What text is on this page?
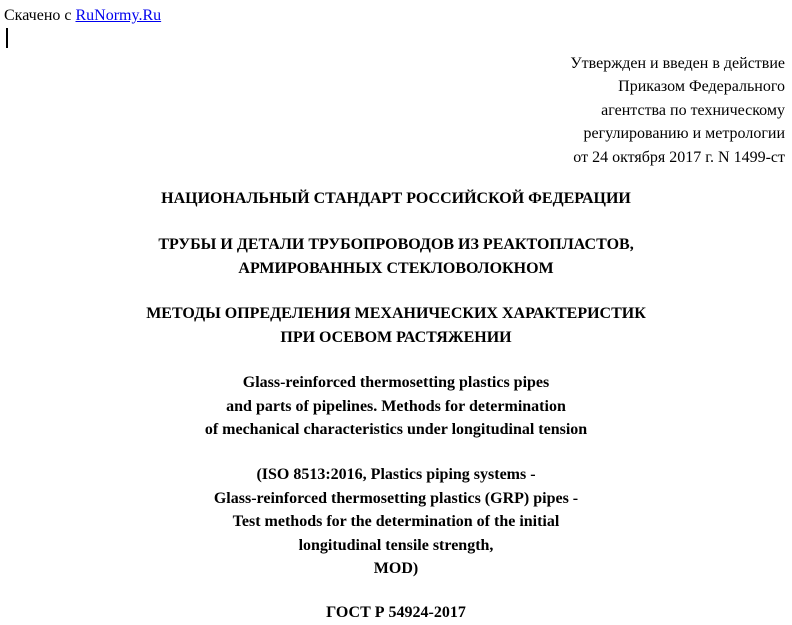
Скачено с RuNormy.Ru
Утвержден и введен в действие
Приказом Федерального
агентства по техническому
регулированию и метрологии
от 24 октября 2017 г. N 1499-ст
НАЦИОНАЛЬНЫЙ СТАНДАРТ РОССИЙСКОЙ ФЕДЕРАЦИИ
ТРУБЫ И ДЕТАЛИ ТРУБОПРОВОДОВ ИЗ РЕАКТОПЛАСТОВ,
АРМИРОВАННЫХ СТЕКЛОВОЛОКНОМ
МЕТОДЫ ОПРЕДЕЛЕНИЯ МЕХАНИЧЕСКИХ ХАРАКТЕРИСТИК
ПРИ ОСЕВОМ РАСТЯЖЕНИИ
Glass-reinforced thermosetting plastics pipes
and parts of pipelines. Methods for determination
of mechanical characteristics under longitudinal tension
(ISO 8513:2016, Plastics piping systems -
Glass-reinforced thermosetting plastics (GRP) pipes -
Test methods for the determination of the initial
longitudinal tensile strength,
MOD)
ГОСТ Р 54924-2017
